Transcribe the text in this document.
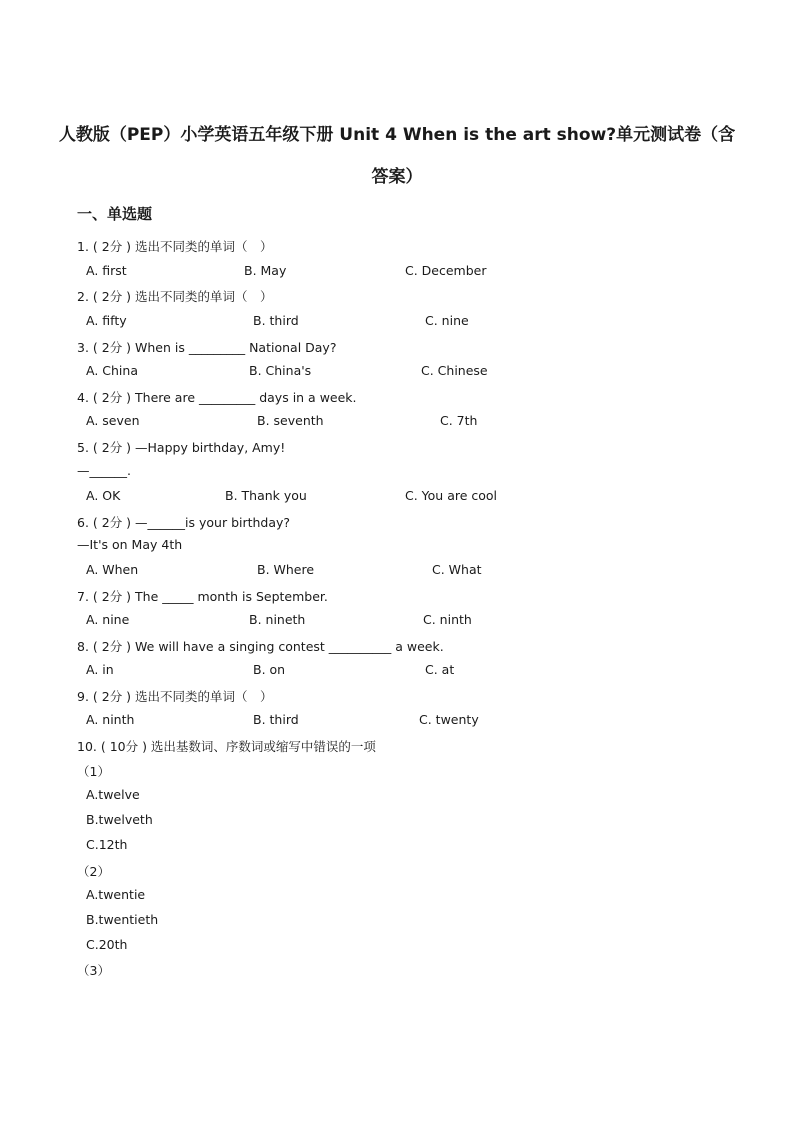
人教版（PEP）小学英语五年级下册 Unit 4 When is the art show?单元测试卷（含
答案）
一、单选题
1. ( 2分 ) 选出不同类的单词（　）
A. first	B. May	C. December
2. ( 2分 ) 选出不同类的单词（　）
A. fifty	B. third	C. nine
3. ( 2分 ) When is _________ National Day?
A. China	B. China's	C. Chinese
4. ( 2分 ) There are _________ days in a week.
A. seven	B. seventh	C. 7th
5. ( 2分 ) —Happy birthday, Amy!
—______.
A. OK	B. Thank you	C. You are cool
6. ( 2分 ) —______is your birthday?
—It's on May 4th
A. When	B. Where	C. What
7. ( 2分 ) The _____ month is September.
A. nine	B. nineth	C. ninth
8. ( 2分 ) We will have a singing contest __________ a week.
A. in	B. on	C. at
9. ( 2分 ) 选出不同类的单词（　）
A. ninth	B. third	C. twenty
10. ( 10分 ) 选出基数词、序数词或缩写中错误的一项
（1）
A.twelve
B.twelveth
C.12th
（2）
A.twentie
B.twentieth
C.20th
（3）
